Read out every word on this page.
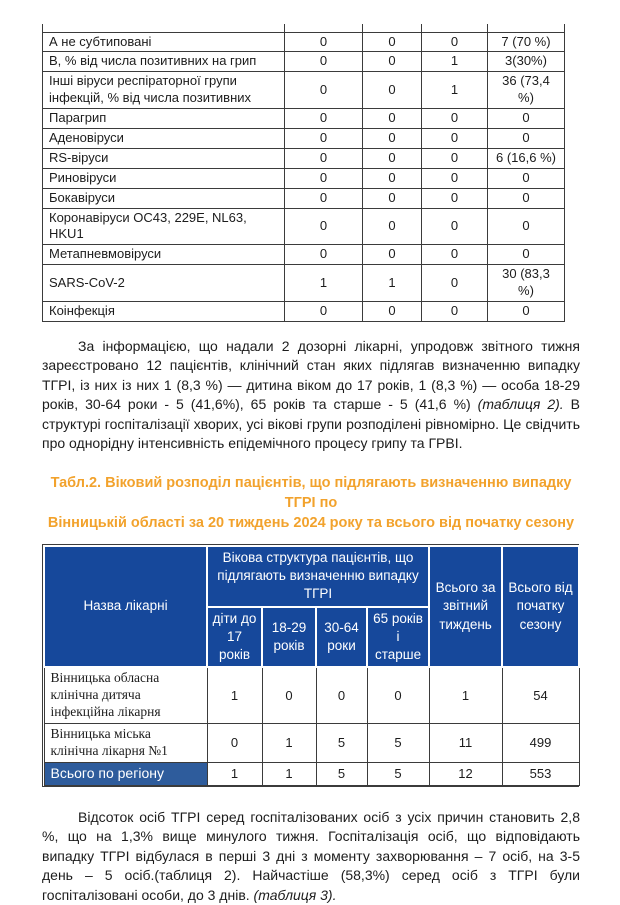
А не субтиповані	0	0	0	7 (70 %)
В, % від числа позитивних на грип	0	0	1	3(30%)
Інші віруси респіраторної групи інфекцій, % від числа позитивних	0	0	1	36 (73,4 %)
Парагрип	0	0	0	0
Аденовіруси	0	0	0	0
RS-віруси	0	0	0	6 (16,6 %)
Риновіруси	0	0	0	0
Бокавіруси	0	0	0	0
Коронавіруси OC43, 229E, NL63, HKU1	0	0	0	0
Метапневмовіруси	0	0	0	0
SARS-CoV-2	1	1	0	30 (83,3 %)
Коінфекція	0	0	0	0

За інформацією, що надали 2 дозорні лікарні, упродовж звітного тижня зареєстровано 12 пацієнтів, клінічний стан яких підлягав визначенню випадку ТГРІ, із них із них 1 (8,3 %) — дитина віком до 17 років, 1 (8,3 %) — особа 18-29 років, 30-64 роки - 5 (41,6%), 65 років та старше - 5 (41,6 %) (таблиця 2). В структурі госпіталізації хворих, усі вікові групи розподілені рівномірно. Це свідчить про однорідну інтенсивність епідемічного процесу грипу та ГРВІ.

Табл.2. Віковий розподіл пацієнтів, що підлягають визначенню випадку ТГРІ по
Вінницькій області за 20 тиждень 2024 року та всього від початку сезону
Назва лікарні	Вікова структура пацієнтів, що підлягають визначенню випадку ТГРІ				Всього за звітний тиждень	Всього від початку сезону
	діти до 17 років	18-29 років	30-64 роки	65 років і старше		
Вінницька обласна клінічна дитяча інфекційна лікарня	1	0	0	0	1	54
Вінницька міська клінічна лікарня №1	0	1	5	5	11	499
Всього по регіону	1	1	5	5	12	553

Відсоток осіб ТГРІ серед госпіталізованих осіб з усіх причин становить 2,8 %, що на 1,3% вище минулого тижня. Госпіталізація осіб, що відповідають випадку ТГРІ відбулася в перші 3 дні з моменту захворювання – 7 осіб, на 3-5 день – 5 осіб.(таблиця 2). Найчастіше (58,3%) серед осіб з ТГРІ були госпіталізовані особи, до 3 днів. (таблиця 3).
